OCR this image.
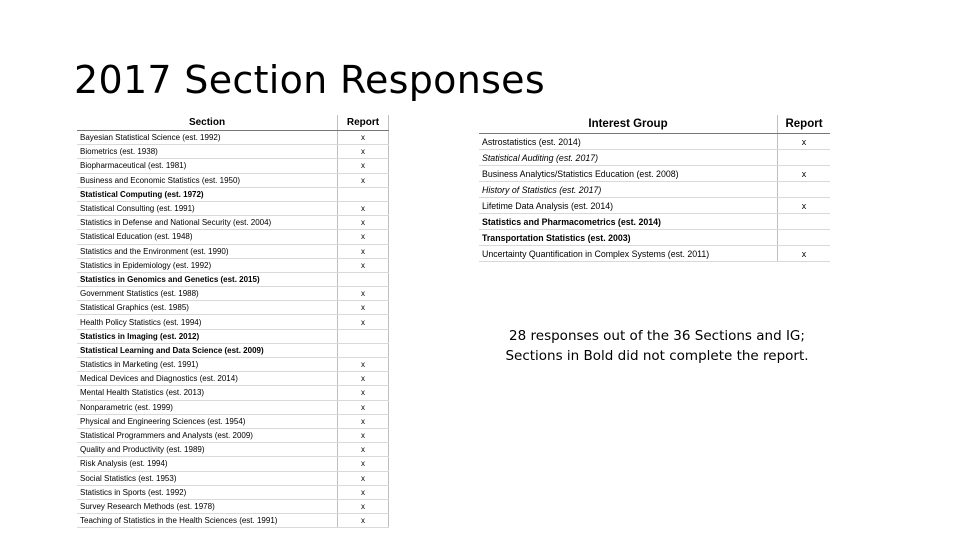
2017 Section Responses
Section	Report
Bayesian Statistical Science (est. 1992)	x
Biometrics (est. 1938)	x
Biopharmaceutical (est. 1981)	x
Business and Economic Statistics (est. 1950)	x
Statistical Computing (est. 1972)	
Statistical Consulting (est. 1991)	x
Statistics in Defense and National Security (est. 2004)	x
Statistical Education (est. 1948)	x
Statistics and the Environment (est. 1990)	x
Statistics in Epidemiology (est. 1992)	x
Statistics in Genomics and Genetics (est. 2015)	
Government Statistics (est. 1988)	x
Statistical Graphics (est. 1985)	x
Health Policy Statistics (est. 1994)	x
Statistics in Imaging (est. 2012)	
Statistical Learning and Data Science (est. 2009)	
Statistics in Marketing (est. 1991)	x
Medical Devices and Diagnostics (est. 2014)	x
Mental Health Statistics (est. 2013)	x
Nonparametric (est. 1999)	x
Physical and Engineering Sciences (est. 1954)	x
Statistical Programmers and Analysts (est. 2009)	x
Quality and Productivity (est. 1989)	x
Risk Analysis (est. 1994)	x
Social Statistics (est. 1953)	x
Statistics in Sports (est. 1992)	x
Survey Research Methods (est. 1978)	x
Teaching of Statistics in the Health Sciences (est. 1991)	x
Interest Group	Report
Astrostatistics (est. 2014)	x
Statistical Auditing (est. 2017)	
Business Analytics/Statistics Education (est. 2008)	x
History of Statistics (est. 2017)	
Lifetime Data Analysis (est. 2014)	x
Statistics and Pharmacometrics (est. 2014)	
Transportation Statistics (est. 2003)	
Uncertainty Quantification in Complex Systems (est. 2011)	x
28 responses out of the 36 Sections and IG;
Sections in Bold did not complete the report.
